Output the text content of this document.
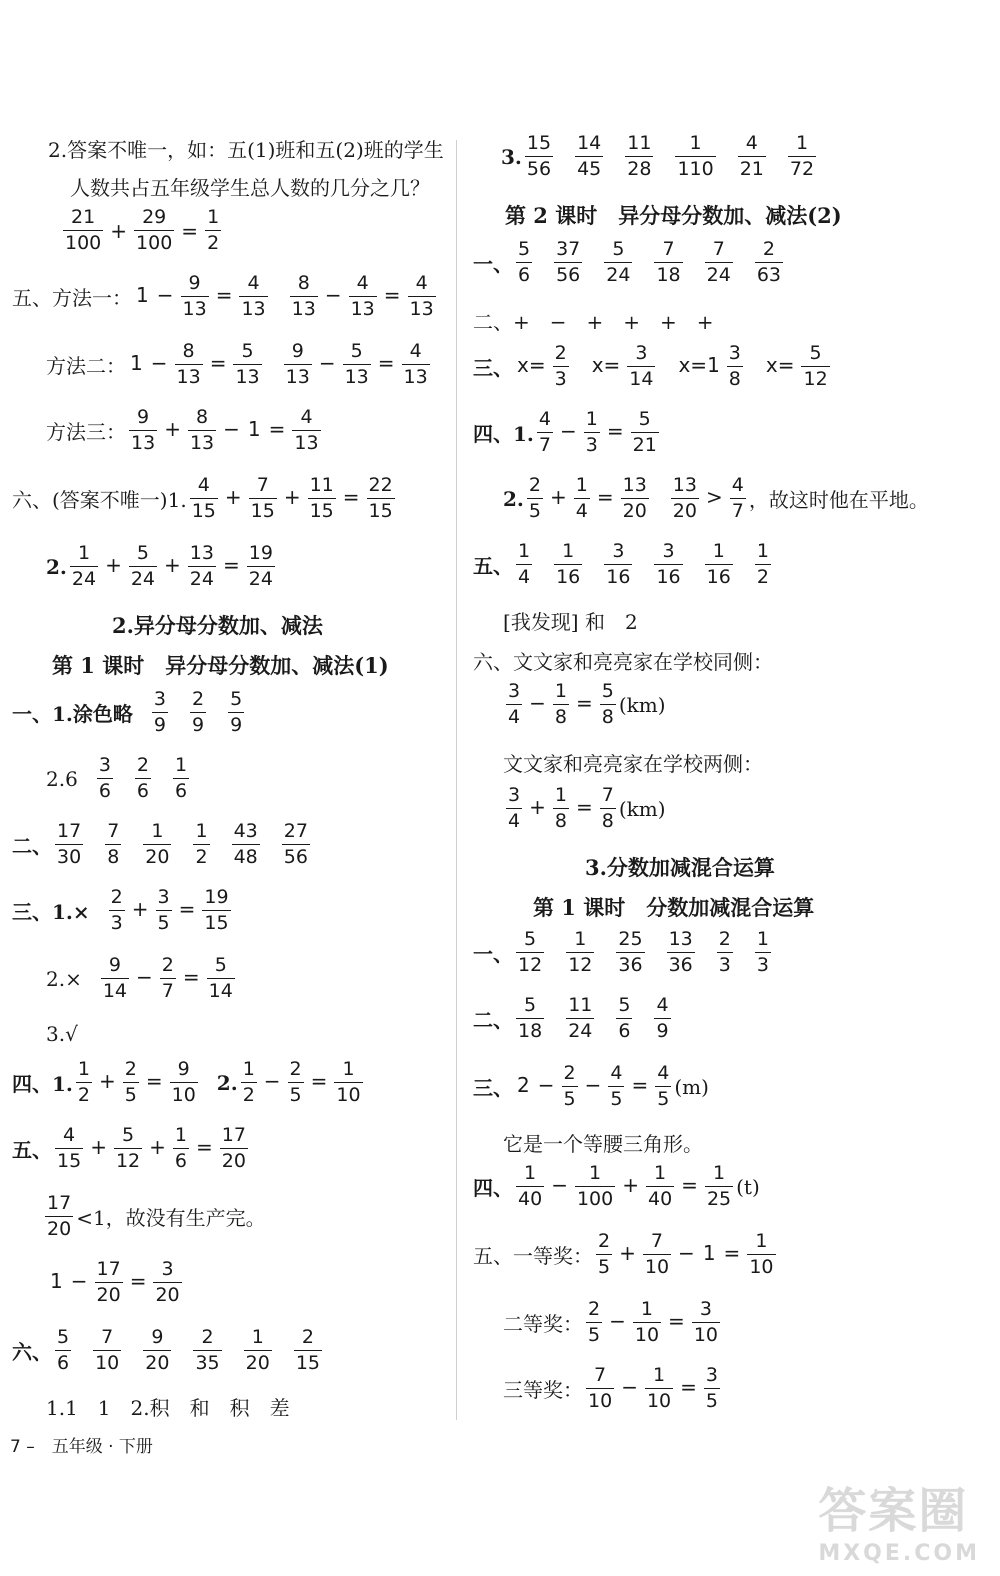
2.答案不唯一，如：五(1)班和五(2)班的学生
人数共占五年级学生总人数的几分之几？
$\frac{21}{100} + \frac{29}{100} = \frac{1}{2}$
五、方法一： $1 - \frac{9}{13} = \frac{4}{13} \frac{8}{13} - \frac{4}{13} = \frac{4}{13}$
方法二： $1 - \frac{8}{13} = \frac{5}{13} \frac{9}{13} - \frac{5}{13} = \frac{4}{13}$
方法三： $\frac{9}{13} + \frac{8}{13} - 1 = \frac{4}{13}$
六、(答案不唯一)1. $\frac{4}{15} + \frac{7}{15} + \frac{11}{15} = \frac{22}{15}$
2. $\frac{1}{24} + \frac{5}{24} + \frac{13}{24} = \frac{19}{24}$
2.异分母分数加、减法
第 1 课时　异分母分数加、减法(1)
一、1.涂色略 $\frac{3}{9} \frac{2}{9} \frac{5}{9}$
$2.6 \frac{3}{6} \frac{2}{6} \frac{1}{6}$
二、 $\frac{17}{30} \frac{7}{8} \frac{1}{20} \frac{1}{2} \frac{43}{48} \frac{27}{56}$
三、$1.\times \frac{2}{3} + \frac{3}{5} = \frac{19}{15}$
$2.\times \frac{9}{14} - \frac{2}{7} = \frac{5}{14}$
3.√
四、1. $\frac{1}{2} + \frac{2}{5} = \frac{9}{10} 2$. $\frac{1}{2} - \frac{2}{5} = \frac{1}{10}$
五、 $\frac{4}{15} + \frac{5}{12} + \frac{1}{6} = \frac{17}{20}$
$\frac{17}{20} <1$，故没有生产完。
$1 - \frac{17}{20} = \frac{3}{20}$
六、 $\frac{5}{6} \frac{7}{10} \frac{9}{20} \frac{2}{35} \frac{1}{20} \frac{2}{15}$
1.1　1　2.积　和　积　差
3. $\frac{15}{56} \frac{14}{45} \frac{11}{28} \frac{1}{110} \frac{4}{21} \frac{1}{72}$
第 2 课时　异分母分数加、减法(2)
一、 $\frac{5}{6} \frac{37}{56} \frac{5}{24} \frac{7}{18} \frac{7}{24} \frac{2}{63}$
二、+　−　+　+　+　+
三、 $x= \frac{2}{3} x= \frac{3}{14} x=1 \frac{3}{8} x= \frac{5}{12}$
四、1. $\frac{4}{7} - \frac{1}{3} = \frac{5}{21}$
2. $\frac{2}{5} + \frac{1}{4} = \frac{13}{20} \frac{13}{20} > \frac{4}{7}$ ，故这时他在平地。
五、 $\frac{1}{4} \frac{1}{16} \frac{3}{16} \frac{3}{16} \frac{1}{16} \frac{1}{2}$
[我发现] 和　2
六、文文家和亮亮家在学校同侧：
$\frac{3}{4} - \frac{1}{8} = \frac{5}{8} (km)$
文文家和亮亮家在学校两侧：
$\frac{3}{4} + \frac{1}{8} = \frac{7}{8} (km)$
3.分数加减混合运算
第 1 课时　分数加减混合运算
一、 $\frac{5}{12} \frac{1}{12} \frac{25}{36} \frac{13}{36} \frac{2}{3} \frac{1}{3}$
二、 $\frac{5}{18} \frac{11}{24} \frac{5}{6} \frac{4}{9}$
三、 $2 - \frac{2}{5} - \frac{4}{5} = \frac{4}{5} (m)$
它是一个等腰三角形。
四、 $\frac{1}{40} - \frac{1}{100} + \frac{1}{40} = \frac{1}{25} (t)$
五、一等奖： $\frac{2}{5} + \frac{7}{10} - 1 = \frac{1}{10}$
二等奖： $\frac{2}{5} - \frac{1}{10} = \frac{3}{10}$
三等奖： $\frac{7}{10} - \frac{1}{10} = \frac{3}{5}$
7 –　五年级 · 下册
答案圈
MXQE.COM
